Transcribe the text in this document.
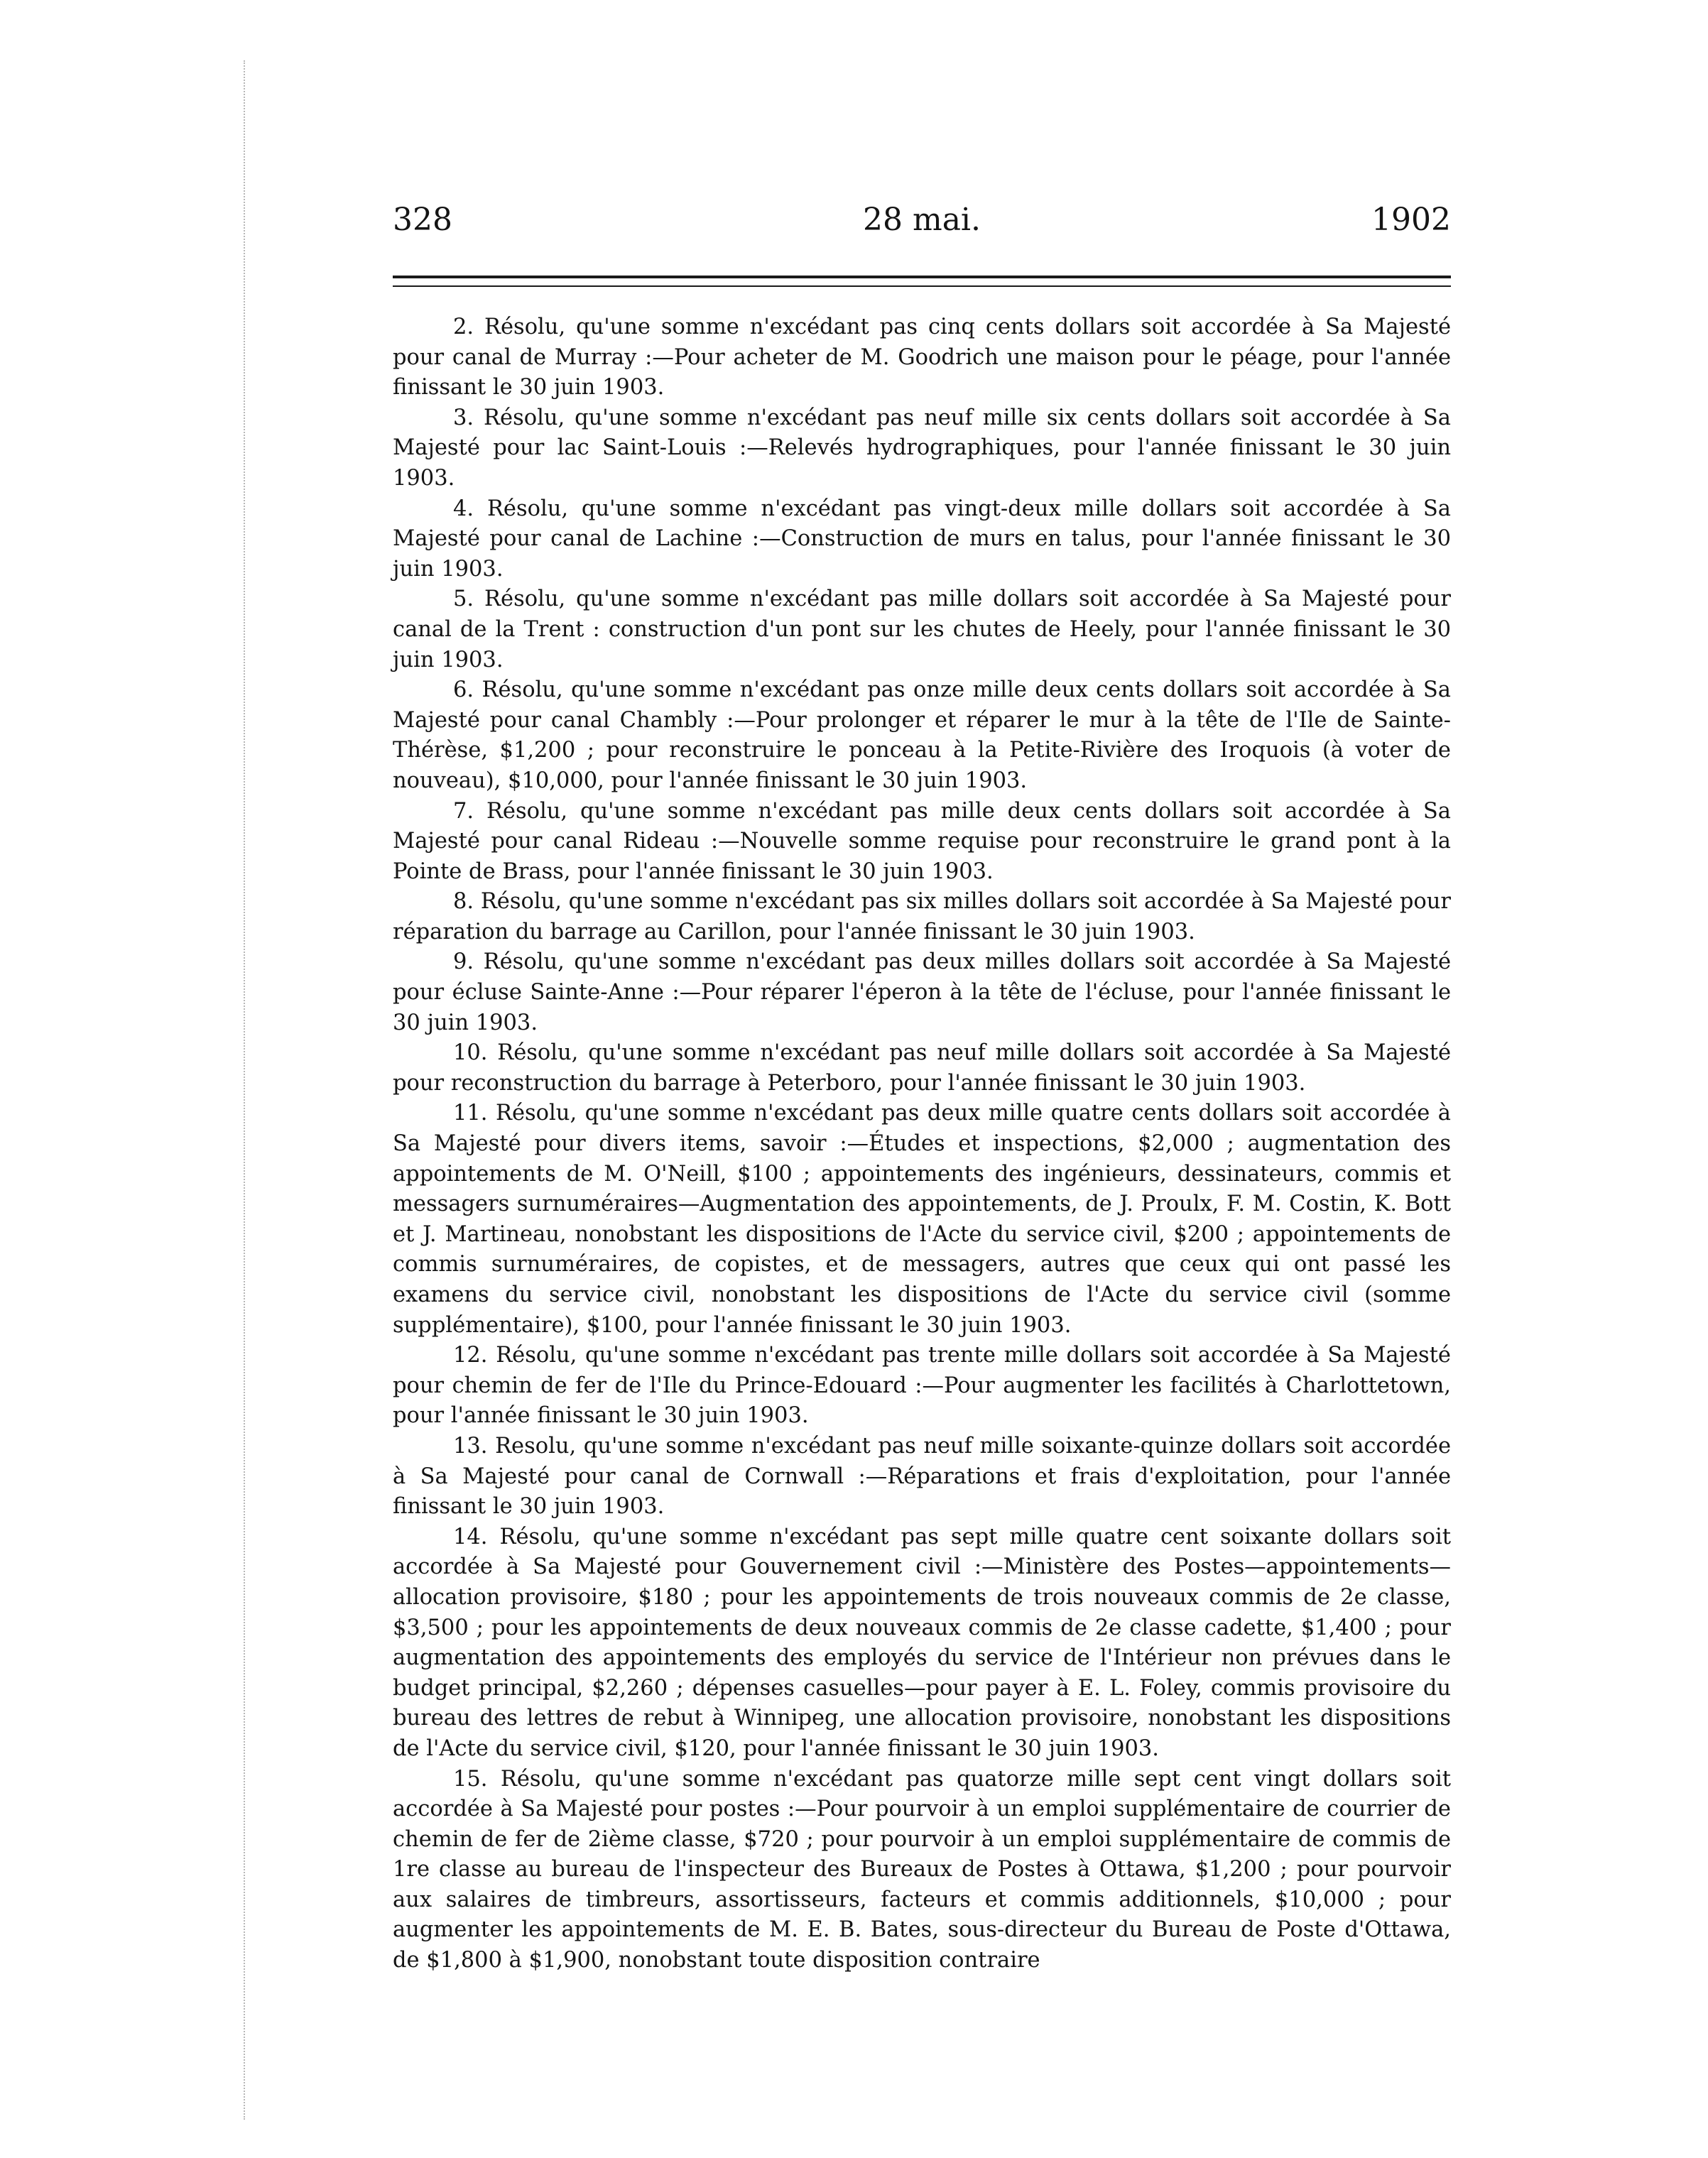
28 mai.
328	1902

2. Résolu, qu'une somme n'excédant pas cinq cents dollars soit accordée à Sa Majesté pour canal de Murray :—Pour acheter de M. Goodrich une maison pour le péage, pour l'année finissant le 30 juin 1903.

3. Résolu, qu'une somme n'excédant pas neuf mille six cents dollars soit accordée à Sa Majesté pour lac Saint-Louis :—Relevés hydrographiques, pour l'année finissant le 30 juin 1903.

4. Résolu, qu'une somme n'excédant pas vingt-deux mille dollars soit accordée à Sa Majesté pour canal de Lachine :—Construction de murs en talus, pour l'année finissant le 30 juin 1903.

5. Résolu, qu'une somme n'excédant pas mille dollars soit accordée à Sa Majesté pour canal de la Trent : construction d'un pont sur les chutes de Heely, pour l'année finissant le 30 juin 1903.

6. Résolu, qu'une somme n'excédant pas onze mille deux cents dollars soit accordée à Sa Majesté pour canal Chambly :—Pour prolonger et réparer le mur à la tête de l'Ile de Sainte-Thérèse, $1,200 ; pour reconstruire le ponceau à la Petite-Rivière des Iroquois (à voter de nouveau), $10,000, pour l'année finissant le 30 juin 1903.

7. Résolu, qu'une somme n'excédant pas mille deux cents dollars soit accordée à Sa Majesté pour canal Rideau :—Nouvelle somme requise pour reconstruire le grand pont à la Pointe de Brass, pour l'année finissant le 30 juin 1903.

8. Résolu, qu'une somme n'excédant pas six milles dollars soit accordée à Sa Majesté pour réparation du barrage au Carillon, pour l'année finissant le 30 juin 1903.

9. Résolu, qu'une somme n'excédant pas deux milles dollars soit accordée à Sa Majesté pour écluse Sainte-Anne :—Pour réparer l'éperon à la tête de l'écluse, pour l'année finissant le 30 juin 1903.

10. Résolu, qu'une somme n'excédant pas neuf mille dollars soit accordée à Sa Majesté pour reconstruction du barrage à Peterboro, pour l'année finissant le 30 juin 1903.

11. Résolu, qu'une somme n'excédant pas deux mille quatre cents dollars soit accordée à Sa Majesté pour divers items, savoir :—Études et inspections, $2,000 ; augmentation des appointements de M. O'Neill, $100 ; appointements des ingénieurs, dessinateurs, commis et messagers surnuméraires—Augmentation des appointements, de J. Proulx, F. M. Costin, K. Bott et J. Martineau, nonobstant les dispositions de l'Acte du service civil, $200 ; appointements de commis surnuméraires, de copistes, et de messagers, autres que ceux qui ont passé les examens du service civil, nonobstant les dispositions de l'Acte du service civil (somme supplémentaire), $100, pour l'année finissant le 30 juin 1903.

12. Résolu, qu'une somme n'excédant pas trente mille dollars soit accordée à Sa Majesté pour chemin de fer de l'Ile du Prince-Edouard :—Pour augmenter les facilités à Charlottetown, pour l'année finissant le 30 juin 1903.

13. Resolu, qu'une somme n'excédant pas neuf mille soixante-quinze dollars soit accordée à Sa Majesté pour canal de Cornwall :—Réparations et frais d'exploitation, pour l'année finissant le 30 juin 1903.

14. Résolu, qu'une somme n'excédant pas sept mille quatre cent soixante dollars soit accordée à Sa Majesté pour Gouvernement civil :—Ministère des Postes—appointements—allocation provisoire, $180 ; pour les appointements de trois nouveaux commis de 2e classe, $3,500 ; pour les appointements de deux nouveaux commis de 2e classe cadette, $1,400 ; pour augmentation des appointements des employés du service de l'Intérieur non prévues dans le budget principal, $2,260 ; dépenses casuelles—pour payer à E. L. Foley, commis provisoire du bureau des lettres de rebut à Winnipeg, une allocation provisoire, nonobstant les dispositions de l'Acte du service civil, $120, pour l'année finissant le 30 juin 1903.

15. Résolu, qu'une somme n'excédant pas quatorze mille sept cent vingt dollars soit accordée à Sa Majesté pour postes :—Pour pourvoir à un emploi supplémentaire de courrier de chemin de fer de 2ième classe, $720 ; pour pourvoir à un emploi supplémentaire de commis de 1re classe au bureau de l'inspecteur des Bureaux de Postes à Ottawa, $1,200 ; pour pourvoir aux salaires de timbreurs, assortisseurs, facteurs et commis additionnels, $10,000 ; pour augmenter les appointements de M. E. B. Bates, sous-directeur du Bureau de Poste d'Ottawa, de $1,800 à $1,900, nonobstant toute disposition contraire
